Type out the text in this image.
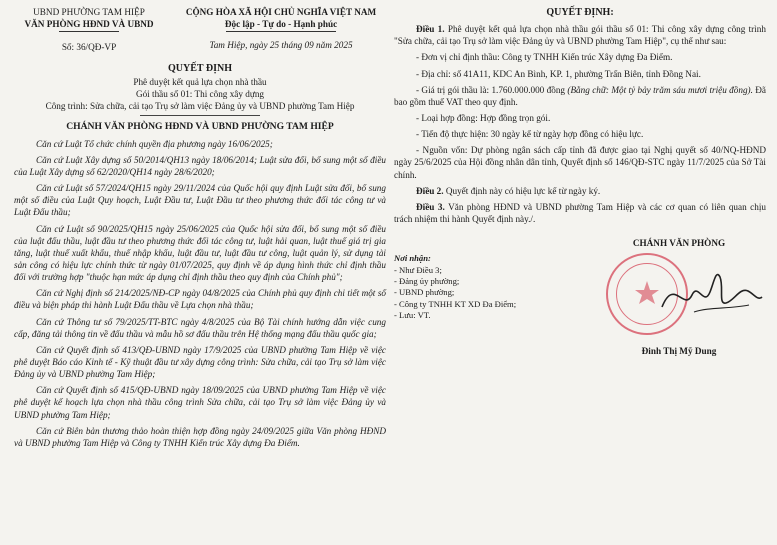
UBND PHƯỜNG TAM HIỆP
VĂN PHÒNG HĐND VÀ UBND
Số: 36/QĐ-VP
CỘNG HÒA XÃ HỘI CHỦ NGHĨA VIỆT NAM
Độc lập - Tự do - Hạnh phúc
Tam Hiệp, ngày 25 tháng 09 năm 2025
QUYẾT ĐỊNH
Phê duyệt kết quả lựa chọn nhà thầu
Gói thầu số 01: Thi công xây dựng
Công trình: Sửa chữa, cải tạo Trụ sở làm việc Đảng ủy và UBND phường Tam Hiệp
CHÁNH VĂN PHÒNG HĐND VÀ UBND PHƯỜNG TAM HIỆP
Căn cứ Luật Tổ chức chính quyền địa phương ngày 16/06/2025;
Căn cứ Luật Xây dựng số 50/2014/QH13 ngày 18/06/2014; Luật sửa đổi, bổ sung một số điều của Luật Xây dựng số 62/2020/QH14 ngày 28/6/2020;
Căn cứ Luật số 57/2024/QH15 ngày 29/11/2024 của Quốc hội quy định Luật sửa đổi, bổ sung một số điều của Luật Quy hoạch, Luật Đầu tư, Luật Đầu tư theo phương thức đối tác công tư và Luật Đấu thầu;
Căn cứ Luật số 90/2025/QH15 ngày 25/06/2025 của Quốc hội sửa đổi, bổ sung một số điều của luật đấu thầu, luật đầu tư theo phương thức đối tác công tư, luật hải quan, luật thuế giá trị gia tăng, luật thuế xuất khẩu, thuế nhập khẩu, luật đầu tư, luật đầu tư công, luật quản lý, sử dụng tài sản công có hiệu lực chính thức từ ngày 01/07/2025, quy định về áp dụng hình thức chỉ định thầu đối với trường hợp "thuộc hạn mức áp dụng chỉ định thầu theo quy định của Chính phủ";
Căn cứ Nghị định số 214/2025/NĐ-CP ngày 04/8/2025 của Chính phủ quy định chi tiết một số điều và biện pháp thi hành Luật Đấu thầu về Lựa chọn nhà thầu;
Căn cứ Thông tư số 79/2025/TT-BTC ngày 4/8/2025 của Bộ Tài chính hướng dẫn việc cung cấp, đăng tải thông tin về đấu thầu và mẫu hồ sơ đấu thầu trên Hệ thống mạng đấu thầu quốc gia;
Căn cứ Quyết định số 413/QĐ-UBND ngày 17/9/2025 của UBND phường Tam Hiệp về việc phê duyệt Báo cáo Kinh tế - Kỹ thuật đầu tư xây dựng công trình: Sửa chữa, cải tạo Trụ sở làm việc Đảng ủy và UBND phường Tam Hiệp;
Căn cứ Quyết định số 415/QĐ-UBND ngày 18/09/2025 của UBND phường Tam Hiệp về việc phê duyệt kế hoạch lựa chọn nhà thầu công trình Sửa chữa, cải tạo Trụ sở làm việc Đảng ủy và UBND phường Tam Hiệp;
Căn cứ Biên bản thương thảo hoàn thiện hợp đồng ngày 24/09/2025 giữa Văn phòng HĐND và UBND phường Tam Hiệp và Công ty TNHH Kiến trúc Xây dựng Đa Điểm.
QUYẾT ĐỊNH:
Điều 1. Phê duyệt kết quả lựa chọn nhà thầu gói thầu số 01: Thi công xây dựng công trình "Sửa chữa, cải tạo Trụ sở làm việc Đảng ủy và UBND phường Tam Hiệp", cụ thể như sau:
- Đơn vị chỉ định thầu: Công ty TNHH Kiến trúc Xây dựng Đa Điểm.
- Địa chỉ: số 41A11, KDC An Bình, KP. 1, phường Trấn Biên, tỉnh Đồng Nai.
- Giá trị gói thầu là: 1.760.000.000 đồng (Bằng chữ: Một tỷ bảy trăm sáu mươi triệu đồng). Đã bao gồm thuế VAT theo quy định.
- Loại hợp đồng: Hợp đồng trọn gói.
- Tiến độ thực hiện: 30 ngày kể từ ngày hợp đồng có hiệu lực.
- Nguồn vốn: Dự phòng ngân sách cấp tỉnh đã được giao tại Nghị quyết số 40/NQ-HĐND ngày 25/6/2025 của Hội đồng nhân dân tỉnh, Quyết định số 146/QĐ-STC ngày 11/7/2025 của Sở Tài chính.
Điều 2. Quyết định này có hiệu lực kể từ ngày ký.
Điều 3. Văn phòng HĐND và UBND phường Tam Hiệp và các cơ quan có liên quan chịu trách nhiệm thi hành Quyết định này./.
Nơi nhận:
- Như Điều 3;
- Đảng ủy phường;
- UBND phường;
- Công ty TNHH KT XD Đa Điểm;
- Lưu: VT.
CHÁNH VĂN PHÒNG
Đinh Thị Mỹ Dung
